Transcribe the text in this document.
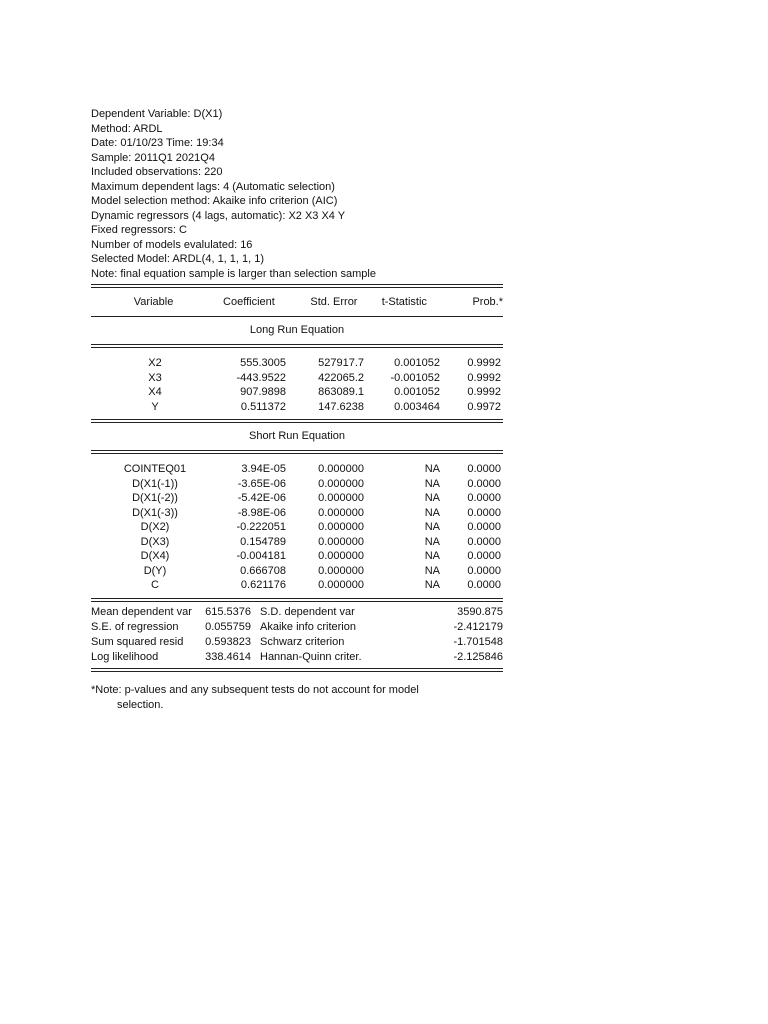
Dependent Variable: D(X1)
Method: ARDL
Date: 01/10/23 Time: 19:34
Sample: 2011Q1 2021Q4
Included observations: 220
Maximum dependent lags: 4 (Automatic selection)
Model selection method: Akaike info criterion (AIC)
Dynamic regressors (4 lags, automatic): X2 X3 X4 Y
Fixed regressors: C
Number of models evalulated: 16
Selected Model: ARDL(4, 1, 1, 1, 1)
Note: final equation sample is larger than selection sample
Variable	Coefficient	Std. Error	t-Statistic	Prob.*
Long Run Equation
X2	555.3005	527917.7	0.001052	0.9992
X3	-443.9522	422065.2	-0.001052	0.9992
X4	907.9898	863089.1	0.001052	0.9992
Y	0.511372	147.6238	0.003464	0.9972
Short Run Equation
COINTEQ01	3.94E-05	0.000000	NA	0.0000
D(X1(-1))	-3.65E-06	0.000000	NA	0.0000
D(X1(-2))	-5.42E-06	0.000000	NA	0.0000
D(X1(-3))	-8.98E-06	0.000000	NA	0.0000
D(X2)	-0.222051	0.000000	NA	0.0000
D(X3)	0.154789	0.000000	NA	0.0000
D(X4)	-0.004181	0.000000	NA	0.0000
D(Y)	0.666708	0.000000	NA	0.0000
C	0.621176	0.000000	NA	0.0000
Mean dependent var	615.5376 S.D. dependent var	3590.875
S.E. of regression	0.055759 Akaike info criterion	-2.412179
Sum squared resid	0.593823 Schwarz criterion	-1.701548
Log likelihood	338.4614 Hannan-Quinn criter.	-2.125846
*Note: p-values and any subsequent tests do not account for model
selection.
